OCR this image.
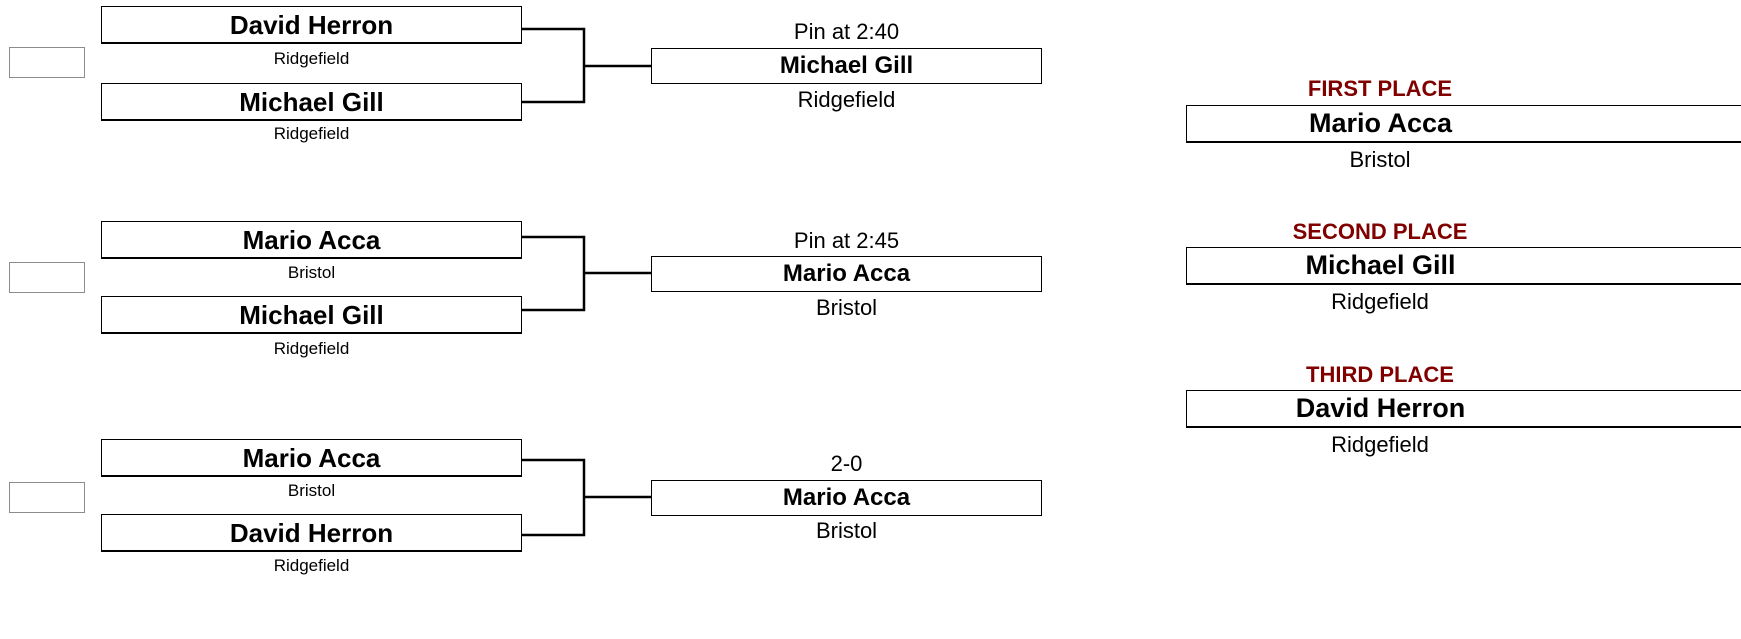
David Herron
Ridgefield
Michael Gill
Ridgefield
Pin at 2:40
Michael Gill
Ridgefield
Mario Acca
Bristol
Michael Gill
Ridgefield
Pin at 2:45
Mario Acca
Bristol
Mario Acca
Bristol
David Herron
Ridgefield
2-0
Mario Acca
Bristol
FIRST PLACE
Mario Acca
Bristol
SECOND PLACE
Michael Gill
Ridgefield
THIRD PLACE
David Herron
Ridgefield
